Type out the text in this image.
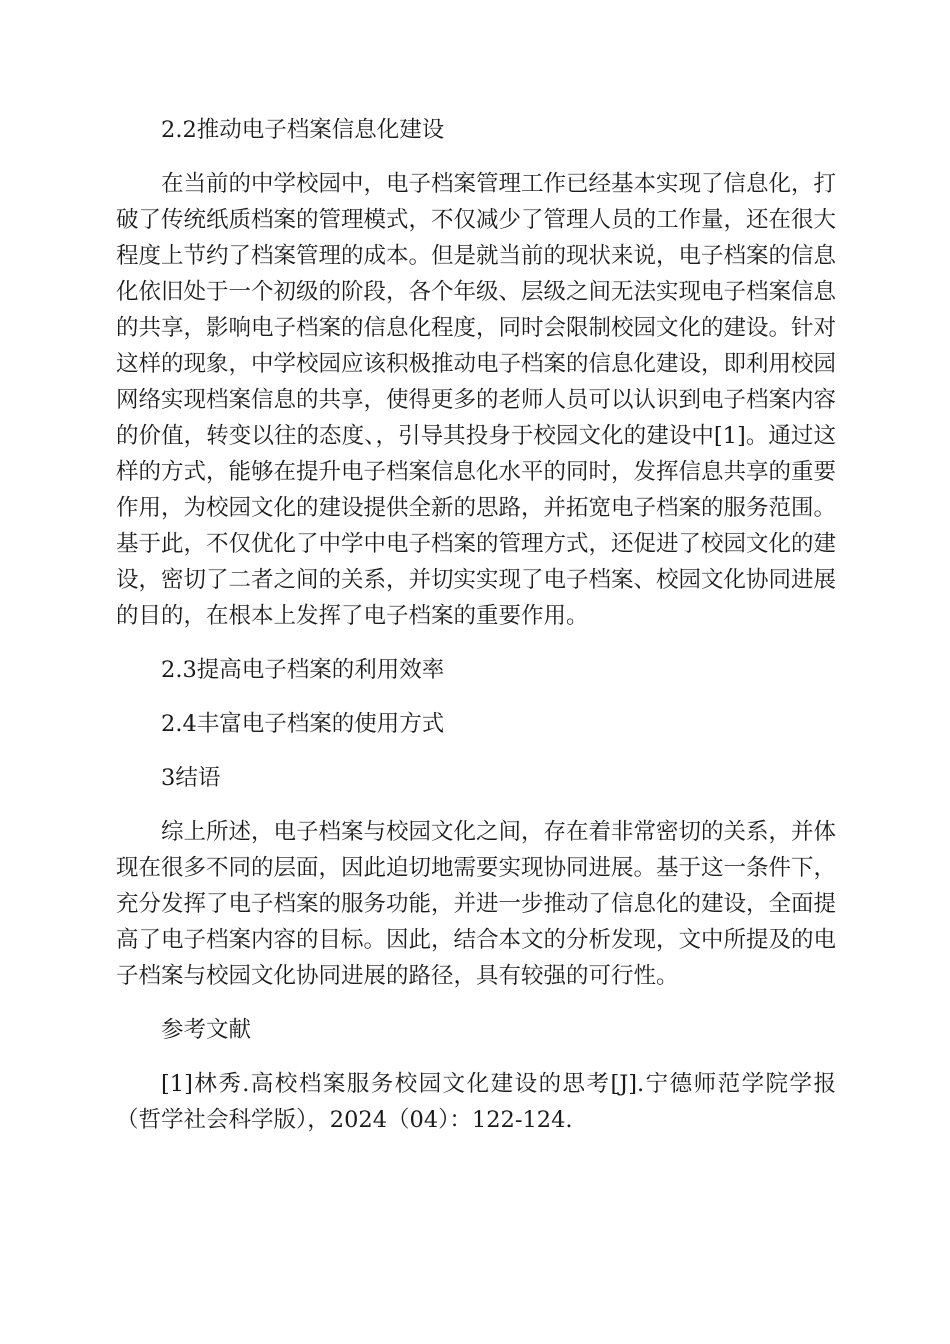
2.2推动电子档案信息化建设

在当前的中学校园中，电子档案管理工作已经基本实现了信息化，打破了传统纸质档案的管理模式，不仅减少了管理人员的工作量，还在很大程度上节约了档案管理的成本。但是就当前的现状来说，电子档案的信息化依旧处于一个初级的阶段，各个年级、层级之间无法实现电子档案信息的共享，影响电子档案的信息化程度，同时会限制校园文化的建设。针对这样的现象，中学校园应该积极推动电子档案的信息化建设，即利用校园网络实现档案信息的共享，使得更多的老师人员可以认识到电子档案内容的价值，转变以往的态度、，引导其投身于校园文化的建设中[1]。通过这样的方式，能够在提升电子档案信息化水平的同时，发挥信息共享的重要作用，为校园文化的建设提供全新的思路，并拓宽电子档案的服务范围。基于此，不仅优化了中学中电子档案的管理方式，还促进了校园文化的建设，密切了二者之间的关系，并切实实现了电子档案、校园文化协同进展的目的，在根本上发挥了电子档案的重要作用。

2.3提高电子档案的利用效率

2.4丰富电子档案的使用方式

3结语

综上所述，电子档案与校园文化之间，存在着非常密切的关系，并体现在很多不同的层面，因此迫切地需要实现协同进展。基于这一条件下，充分发挥了电子档案的服务功能，并进一步推动了信息化的建设，全面提高了电子档案内容的目标。因此，结合本文的分析发现，文中所提及的电子档案与校园文化协同进展的路径，具有较强的可行性。

参考文献

[1]林秀.高校档案服务校园文化建设的思考[J].宁德师范学院学报（哲学社会科学版），2024（04）：122-124.
